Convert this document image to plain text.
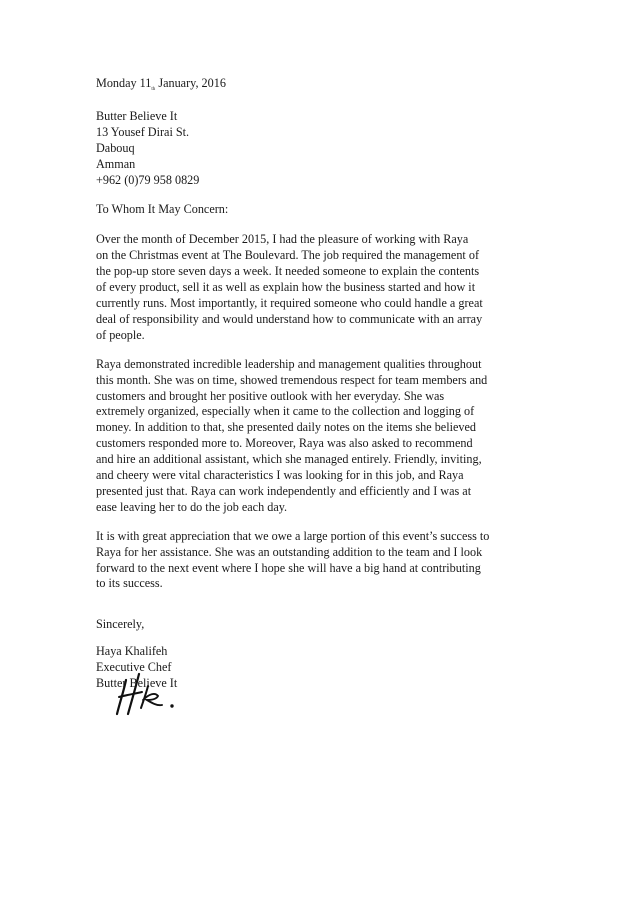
Monday 11th January, 2016
Butter Believe It
13 Yousef Dirai St.
Dabouq
Amman
+962 (0)79 958 0829
To Whom It May Concern:
Over the month of December 2015, I had the pleasure of working with Raya
on the Christmas event at The Boulevard. The job required the management of
the pop-up store seven days a week. It needed someone to explain the contents
of every product, sell it as well as explain how the business started and how it
currently runs. Most importantly, it required someone who could handle a great
deal of responsibility and would understand how to communicate with an array
of people.
Raya demonstrated incredible leadership and management qualities throughout
this month. She was on time, showed tremendous respect for team members and
customers and brought her positive outlook with her everyday. She was
extremely organized, especially when it came to the collection and logging of
money. In addition to that, she presented daily notes on the items she believed
customers responded more to. Moreover, Raya was also asked to recommend
and hire an additional assistant, which she managed entirely. Friendly, inviting,
and cheery were vital characteristics I was looking for in this job, and Raya
presented just that. Raya can work independently and efficiently and I was at
ease leaving her to do the job each day.
It is with great appreciation that we owe a large portion of this event’s success to
Raya for her assistance. She was an outstanding addition to the team and I look
forward to the next event where I hope she will have a big hand at contributing
to its success.
Sincerely,
Haya Khalifeh
Executive Chef
Butter Believe It
